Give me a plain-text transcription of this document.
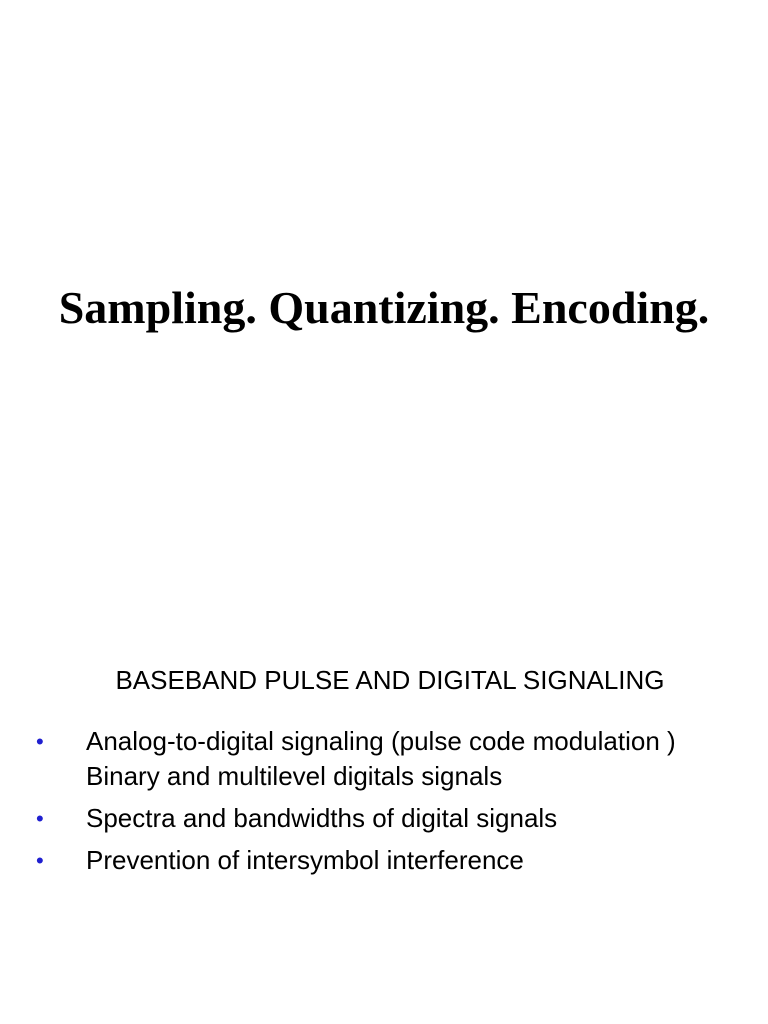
Sampling. Quantizing. Encoding.

BASEBAND PULSE AND DIGITAL SIGNALING

• Analog-to-digital signaling (pulse code modulation ) Binary and multilevel digitals signals
• Spectra and bandwidths of digital signals
• Prevention of intersymbol interference
